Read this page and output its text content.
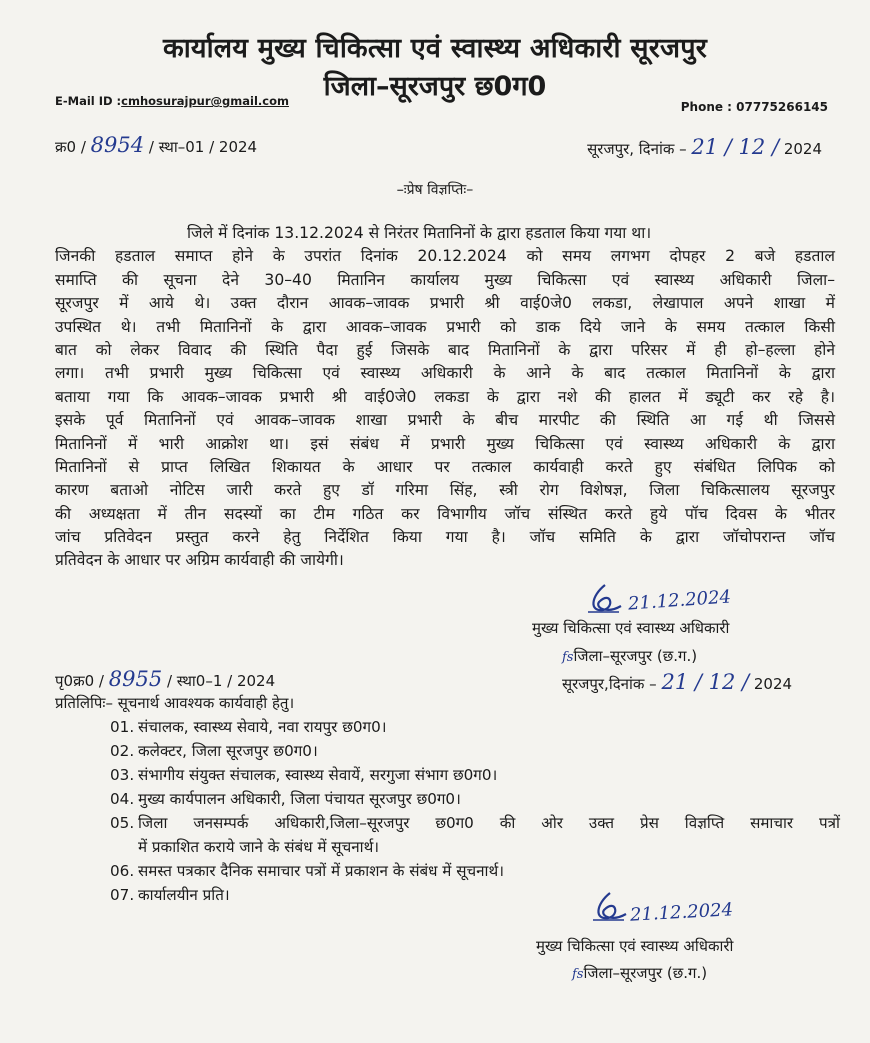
कार्यालय मुख्य चिकित्सा एवं स्वास्थ्य अधिकारी सूरजपुर
जिला–सूरजपुर छ0ग0
E-Mail ID :cmhosurajpur@gmail.com	Phone : 07775266145
क्र0 / 8954 / स्था–01 / 2024	सूरजपुर, दिनांक – 21 / 12 / 2024
–ःप्रेष विज्ञप्तिः–
जिले में दिनांक 13.12.2024 से निरंतर मितानिनों के द्वारा हडताल किया गया था।
जिनकी हडताल समाप्त होने के उपरांत दिनांक 20.12.2024 को समय लगभग दोपहर 2 बजे हडताल
समाप्ति की सूचना देने 30–40 मितानिन कार्यालय मुख्य चिकित्सा एवं स्वास्थ्य अधिकारी जिला–
सूरजपुर में आये थे। उक्त दौरान आवक–जावक प्रभारी श्री वाई0जे0 लकडा, लेखापाल अपने शाखा में
उपस्थित थे। तभी मितानिनों के द्वारा आवक–जावक प्रभारी को डाक दिये जाने के समय तत्काल किसी
बात को लेकर विवाद की स्थिति पैदा हुई जिसके बाद मितानिनों के द्वारा परिसर में ही हो–हल्ला होने
लगा। तभी प्रभारी मुख्य चिकित्सा एवं स्वास्थ्य अधिकारी के आने के बाद तत्काल मितानिनों के द्वारा
बताया गया कि आवक–जावक प्रभारी श्री वाई0जे0 लकडा के द्वारा नशे की हालत में ड्यूटी कर रहे है।
इसके पूर्व मितानिनों एवं आवक–जावक शाखा प्रभारी के बीच मारपीट की स्थिति आ गई थी जिससे
मितानिनों में भारी आक्रोश था। इसं संबंध में प्रभारी मुख्य चिकित्सा एवं स्वास्थ्य अधिकारी के द्वारा
मितानिनों से प्राप्त लिखित शिकायत के आधार पर तत्काल कार्यवाही करते हुए संबंधित लिपिक को
कारण बताओ नोटिस जारी करते हुए डॉ गरिमा सिंह, स्त्री रोग विशेषज्ञ, जिला चिकित्सालय सूरजपुर
की अध्यक्षता में तीन सदस्यों का टीम गठित कर विभागीय जॉच संस्थित करते हुये पॉच दिवस के भीतर
जांच प्रतिवेदन प्रस्तुत करने हेतु निर्देशित किया गया है। जॉच समिति के द्वारा जॉचोपरान्त जॉच
प्रतिवेदन के आधार पर अग्रिम कार्यवाही की जायेगी।
21.12.2024
मुख्य चिकित्सा एवं स्वास्थ्य अधिकारी
fsजिला–सूरजपुर (छ.ग.)
पृ0क्र0 / 8955 / स्था0–1 / 2024	सूरजपुर,दिनांक – 21 / 12 / 2024
प्रतिलिपिः– सूचनार्थ आवश्यक कार्यवाही हेतु।
01. संचालक, स्वास्थ्य सेवाये, नवा रायपुर छ0ग0।
02. कलेक्टर, जिला सूरजपुर छ0ग0।
03. संभागीय संयुक्त संचालक, स्वास्थ्य सेवायें, सरगुजा संभाग छ0ग0।
04. मुख्य कार्यपालन अधिकारी, जिला पंचायत सूरजपुर छ0ग0।
05. जिला जनसम्पर्क अधिकारी,जिला–सूरजपुर छ0ग0 की ओर उक्त प्रेस विज्ञप्ति समाचार पत्रों
में प्रकाशित कराये जाने के संबंध में सूचनार्थ।
06. समस्त पत्रकार दैनिक समाचार पत्रों में प्रकाशन के संबंध में सूचनार्थ।
07. कार्यालयीन प्रति।
21.12.2024
मुख्य चिकित्सा एवं स्वास्थ्य अधिकारी
fsजिला–सूरजपुर (छ.ग.)
